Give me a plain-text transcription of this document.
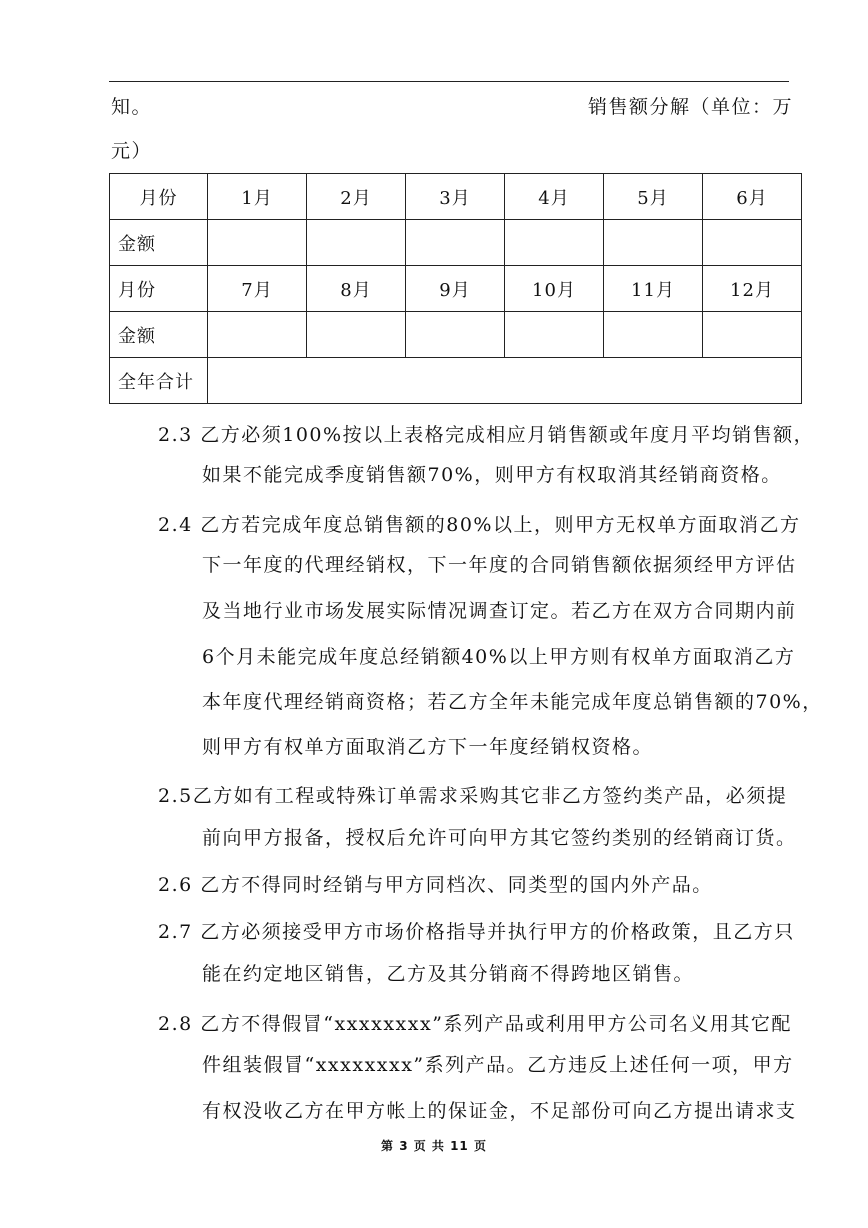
知。	销售额分解（单位：万
元）
月份	1月	2月	3月	4月	5月	6月
金额						
月份	7月	8月	9月	10月	11月	12月
金额						
全年合计						
2.3 乙方必须100%按以上表格完成相应月销售额或年度月平均销售额，
如果不能完成季度销售额70%，则甲方有权取消其经销商资格。
2.4 乙方若完成年度总销售额的80%以上，则甲方无权单方面取消乙方
下一年度的代理经销权，下一年度的合同销售额依据须经甲方评估
及当地行业市场发展实际情况调查订定。若乙方在双方合同期内前
6个月未能完成年度总经销额40%以上甲方则有权单方面取消乙方
本年度代理经销商资格；若乙方全年未能完成年度总销售额的70%，
则甲方有权单方面取消乙方下一年度经销权资格。
2.5乙方如有工程或特殊订单需求采购其它非乙方签约类产品，必须提
前向甲方报备，授权后允许可向甲方其它签约类别的经销商订货。
2.6 乙方不得同时经销与甲方同档次、同类型的国内外产品。
2.7 乙方必须接受甲方市场价格指导并执行甲方的价格政策，且乙方只
能在约定地区销售，乙方及其分销商不得跨地区销售。
2.8 乙方不得假冒“xxxxxxxx”系列产品或利用甲方公司名义用其它配
件组装假冒“xxxxxxxx”系列产品。乙方违反上述任何一项，甲方
有权没收乙方在甲方帐上的保证金，不足部份可向乙方提出请求支
第 3 页 共 11 页
